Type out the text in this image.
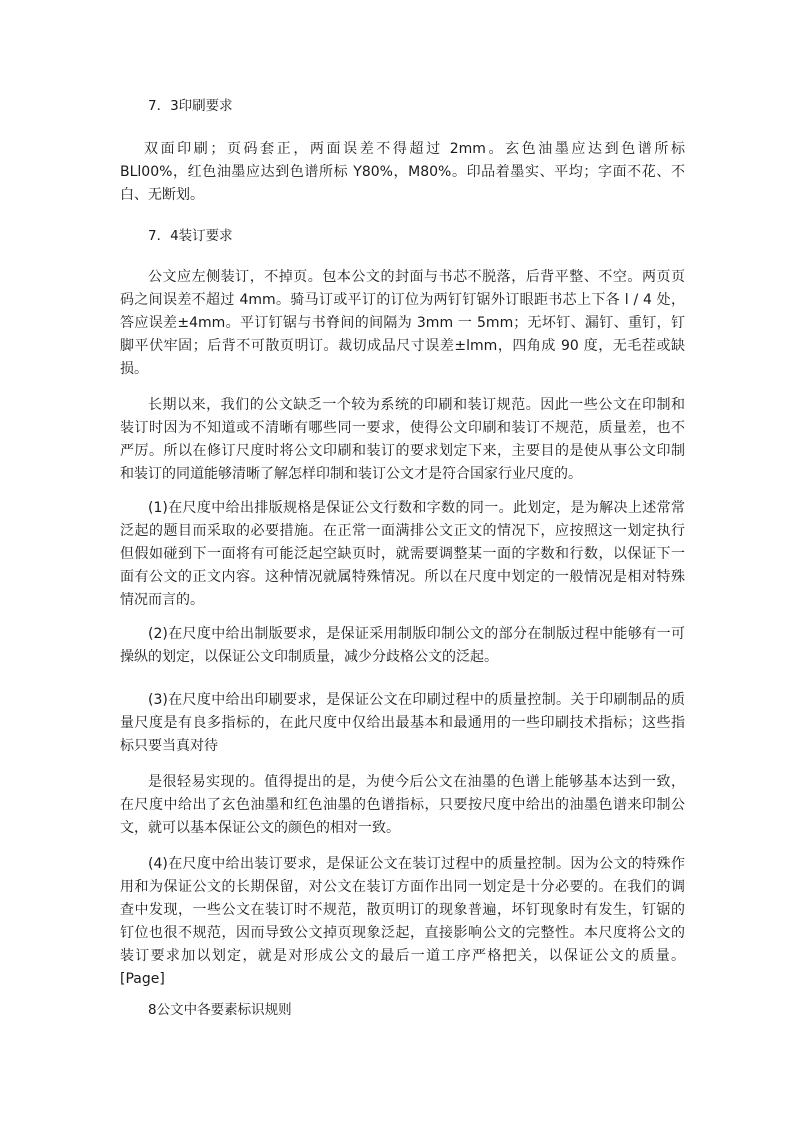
7．3印刷要求
双面印刷；页码套正，两面误差不得超过 2mm。玄色油墨应达到色谱所标
BLl00%，红色油墨应达到色谱所标 Y80%，M80%。印品着墨实、平均；字面不花、不
白、无断划。
7．4装订要求
公文应左侧装订，不掉页。包本公文的封面与书芯不脱落，后背平整、不空。两页页
码之间误差不超过 4mm。骑马订或平订的订位为两钉钉锯外订眼距书芯上下各 l / 4 处，
答应误差±4mm。平订钉锯与书脊间的间隔为 3mm 一 5mm；无坏钉、漏钉、重钉，钉
脚平伏牢固；后背不可散页明订。裁切成品尺寸误差±lmm，四角成 90 度，无毛茬或缺
损。
长期以来，我们的公文缺乏一个较为系统的印刷和装订规范。因此一些公文在印制和
装订时因为不知道或不清晰有哪些同一要求，使得公文印刷和装订不规范，质量差，也不
严厉。所以在修订尺度时将公文印刷和装订的要求划定下来，主要目的是使从事公文印制
和装订的同道能够清晰了解怎样印制和装订公文才是符合国家行业尺度的。
(1)在尺度中给出排版规格是保证公文行数和字数的同一。此划定，是为解决上述常常
泛起的题目而采取的必要措施。在正常一面满排公文正文的情况下，应按照这一划定执行
但假如碰到下一面将有可能泛起空缺页时，就需要调整某一面的字数和行数，以保证下一
面有公文的正文内容。这种情况就属特殊情况。所以在尺度中划定的一般情况是相对特殊
情况而言的。
(2)在尺度中给出制版要求，是保证采用制版印制公文的部分在制版过程中能够有一可
操纵的划定，以保证公文印制质量，减少分歧格公文的泛起。
(3)在尺度中给出印刷要求，是保证公文在印刷过程中的质量控制。关于印刷制品的质
量尺度是有良多指标的，在此尺度中仅给出最基本和最通用的一些印刷技术指标；这些指
标只要当真对待
是很轻易实现的。值得提出的是，为使今后公文在油墨的色谱上能够基本达到一致，
在尺度中给出了玄色油墨和红色油墨的色谱指标，只要按尺度中给出的油墨色谱来印制公
文，就可以基本保证公文的颜色的相对一致。
(4)在尺度中给出装订要求，是保证公文在装订过程中的质量控制。因为公文的特殊作
用和为保证公文的长期保留，对公文在装订方面作出同一划定是十分必要的。在我们的调
查中发现，一些公文在装订时不规范，散页明订的现象普遍，坏钉现象时有发生，钉锯的
钉位也很不规范，因而导致公文掉页现象泛起，直接影响公文的完整性。本尺度将公文的
装订要求加以划定，就是对形成公文的最后一道工序严格把关，以保证公文的质量。
[Page]
8公文中各要素标识规则
